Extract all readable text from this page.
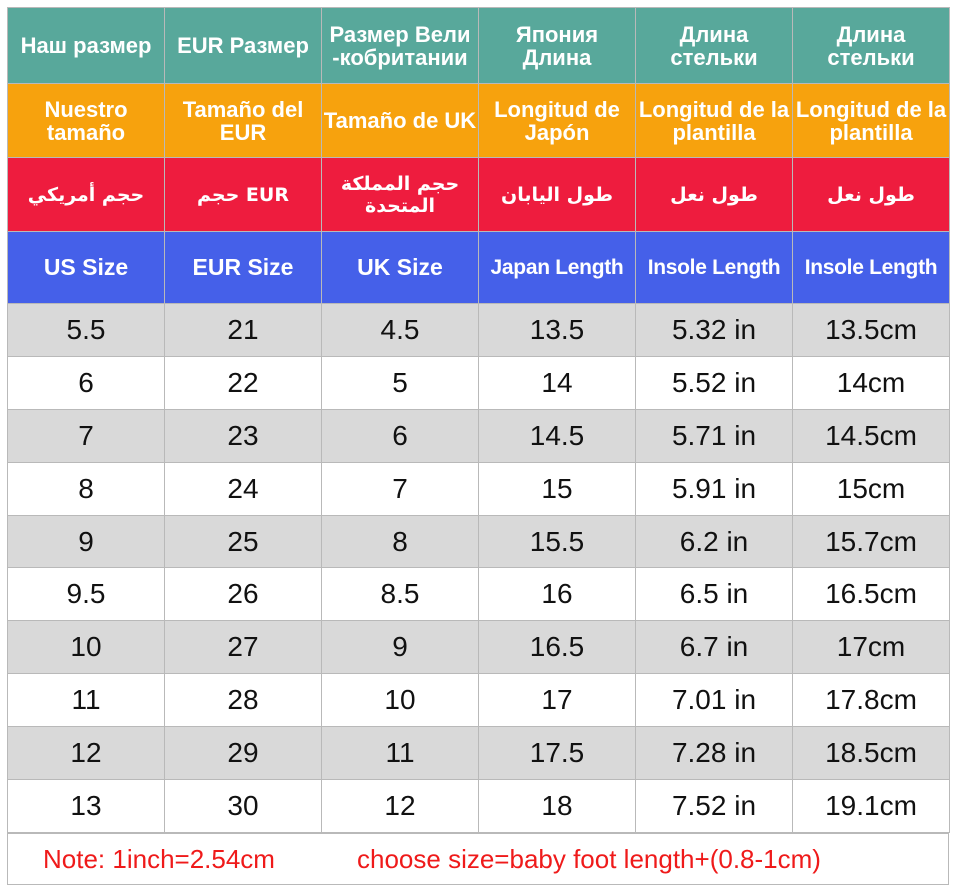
Наш размер	EUR Размер	Размер Вели -кобритании	Япония Длина	Длина стельки	Длина стельки
Nuestro tamaño	Tamaño del EUR	Tamaño de UK	Longitud de Japón	Longitud de la plantilla	Longitud de la plantilla
حجم أمريكي	حجم EUR	حجم المملكة المتحدة	طول اليابان	طول نعل	طول نعل
US Size	EUR Size	UK Size	Japan Length	Insole Length	Insole Length
5.5	21	4.5	13.5	5.32 in	13.5cm
6	22	5	14	5.52 in	14cm
7	23	6	14.5	5.71 in	14.5cm
8	24	7	15	5.91 in	15cm
9	25	8	15.5	6.2 in	15.7cm
9.5	26	8.5	16	6.5 in	16.5cm
10	27	9	16.5	6.7 in	17cm
11	28	10	17	7.01 in	17.8cm
12	29	11	17.5	7.28 in	18.5cm
13	30	12	18	7.52 in	19.1cm
Note: 1inch=2.54cm	choose size=baby foot length+(0.8-1cm)
